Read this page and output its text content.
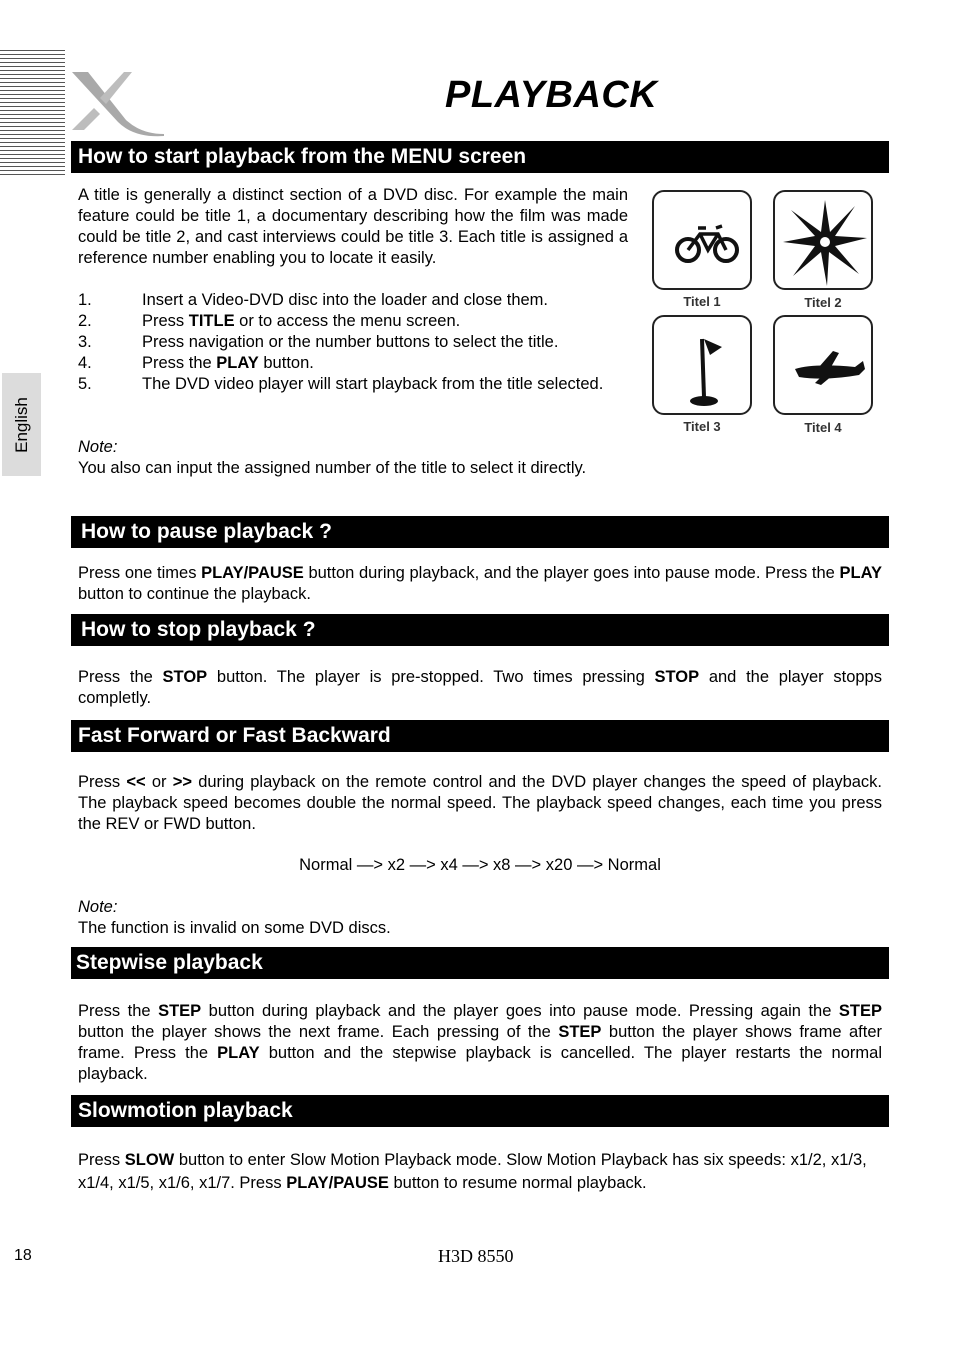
PLAYBACK
English
How to start playback from the MENU screen

A title is generally a distinct section of a DVD disc. For example the main feature could be title 1, a documentary describing how the film was made could be title 2, and cast interviews could be title 3. Each title is assigned a reference number enabling you to locate it easily.

1.	Insert a Video-DVD disc into the loader and close them.
2.	Press TITLE or to access the menu screen.
3.	Press navigation or the number buttons to select the title.
4.	Press the PLAY button.
5.	The DVD video player will start playback from the title selected.

Note:

You also can input the assigned number of the title to select it directly.

Titel 1	Titel 2
Titel 3	Titel 4
How to pause playback ?

Press one times PLAY/PAUSE button during playback, and the player goes into pause mode. Press the PLAY button to continue the playback.

How to stop playback ?

Press the STOP button. The player is pre-stopped. Two times pressing STOP and the player stopps completly.

Fast Forward or Fast Backward

Press << or >> during playback on the remote control and the DVD player changes the speed of playback. The playback speed becomes double the normal speed. The playback speed changes, each time you press the REV or FWD button.

Normal —> x2 —> x4 —> x8 —> x20 —> Normal

Note:

The function is invalid on some DVD discs.

Stepwise playback

Press the STEP button during playback and the player goes into pause mode. Pressing again the STEP button the player shows the next frame. Each pressing of the STEP button the player shows frame after frame. Press the PLAY button and the stepwise playback is cancelled. The player restarts the normal playback.

Slowmotion playback

Press SLOW button to enter Slow Motion Playback mode. Slow Motion Playback has six speeds: x1/2, x1/3, x1/4, x1/5, x1/6, x1/7. Press PLAY/PAUSE button to resume normal playback.

18	H3D 8550
